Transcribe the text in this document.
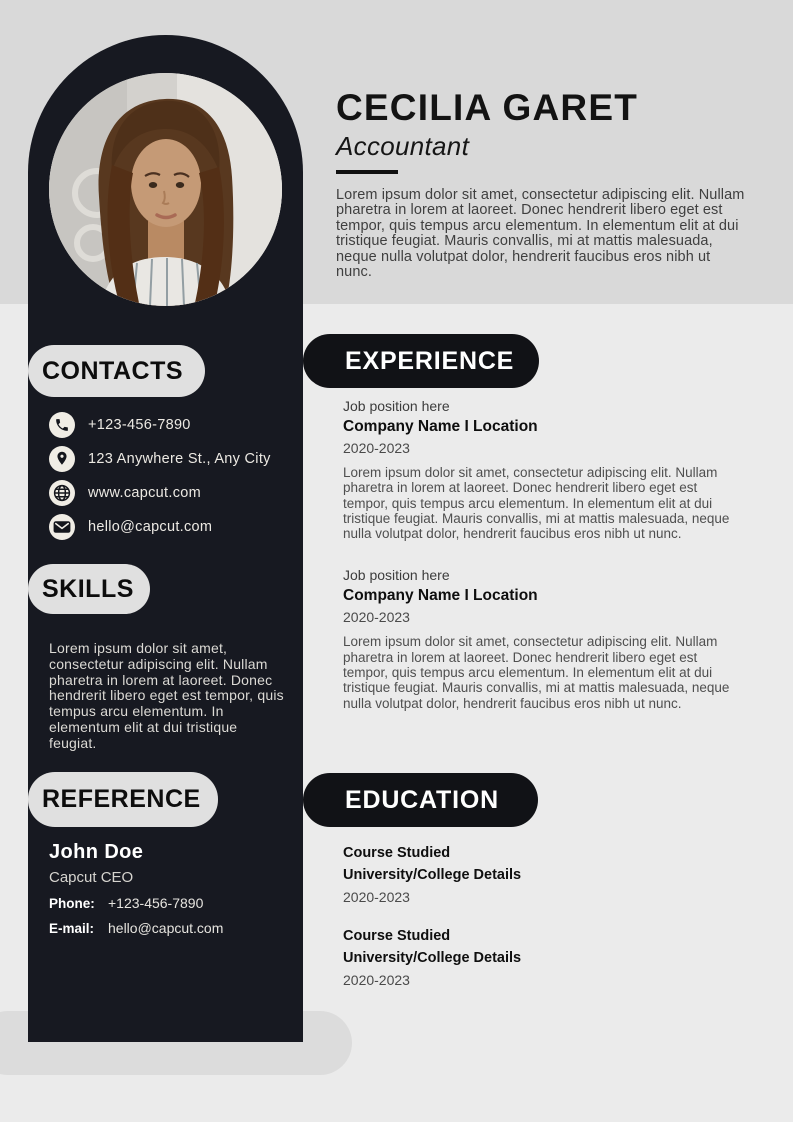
CONTACTS
+123-456-7890
123 Anywhere St., Any City
www.capcut.com
hello@capcut.com
SKILLS

Lorem ipsum dolor sit amet, consectetur adipiscing elit. Nullam pharetra in lorem at laoreet. Donec hendrerit libero eget est tempor, quis tempus arcu elementum. In elementum elit at dui tristique feugiat.

REFERENCE
John Doe
Capcut CEO
Phone: +123-456-7890
E-mail: hello@capcut.com
CECILIA GARET
Accountant

Lorem ipsum dolor sit amet, consectetur adipiscing elit. Nullam pharetra in lorem at laoreet. Donec hendrerit libero eget est tempor, quis tempus arcu elementum. In elementum elit at dui tristique feugiat. Mauris convallis, mi at mattis malesuada, neque nulla volutpat dolor, hendrerit faucibus eros nibh ut nunc.

EXPERIENCE
Job position here
Company Name I Location
2020-2023

Lorem ipsum dolor sit amet, consectetur adipiscing elit. Nullam pharetra in lorem at laoreet. Donec hendrerit libero eget est tempor, quis tempus arcu elementum. In elementum elit at dui tristique feugiat. Mauris convallis, mi at mattis malesuada, neque nulla volutpat dolor, hendrerit faucibus eros nibh ut nunc.

Job position here
Company Name I Location
2020-2023

Lorem ipsum dolor sit amet, consectetur adipiscing elit. Nullam pharetra in lorem at laoreet. Donec hendrerit libero eget est tempor, quis tempus arcu elementum. In elementum elit at dui tristique feugiat. Mauris convallis, mi at mattis malesuada, neque nulla volutpat dolor, hendrerit faucibus eros nibh ut nunc.

EDUCATION
Course Studied
University/College Details
2020-2023
Course Studied
University/College Details
2020-2023
